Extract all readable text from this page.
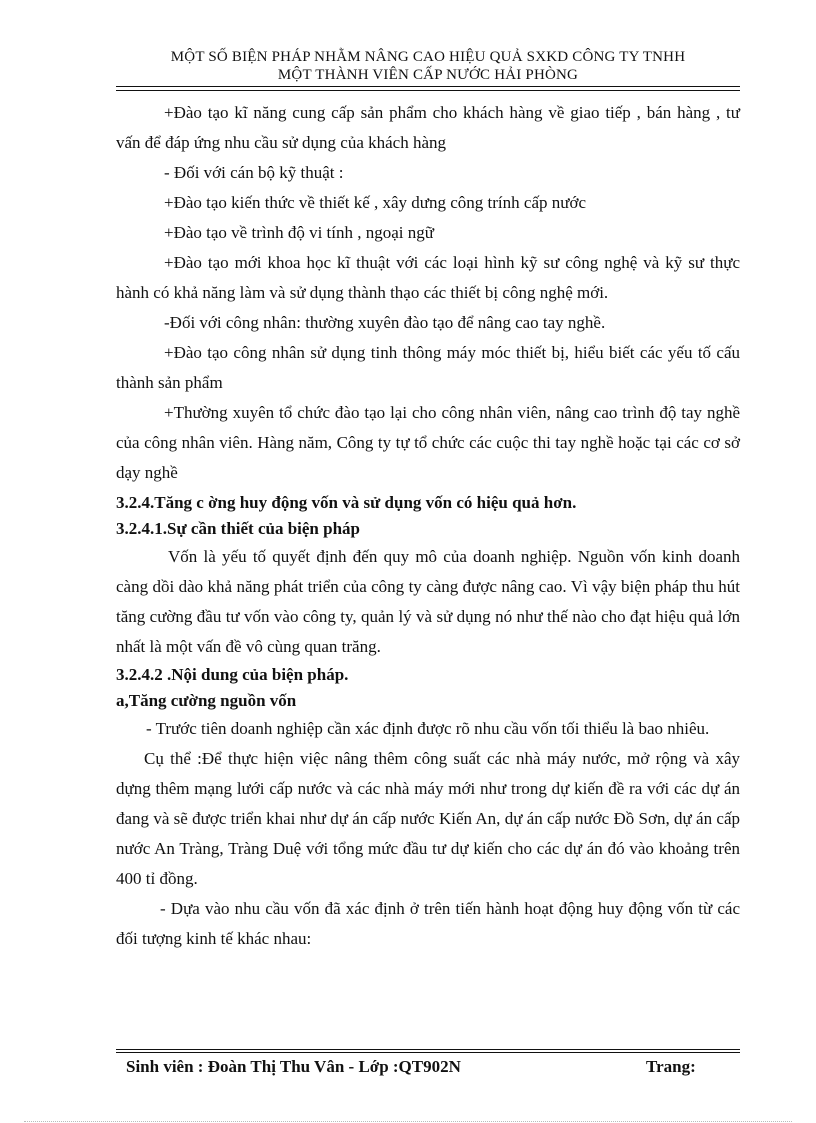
MỘT SỐ BIỆN PHÁP NHẰM NÂNG CAO HIỆU QUẢ SXKD CÔNG TY TNHH
MỘT THÀNH VIÊN CẤP NƯỚC HẢI PHÒNG

+Đào tạo kĩ năng cung cấp sản phẩm cho khách hàng về giao tiếp , bán hàng , tư vấn để đáp ứng nhu cầu sử dụng của khách hàng

- Đối với cán bộ kỹ thuật :

+Đào tạo kiến thức về thiết kế , xây dưng công trính cấp nước

+Đào tạo về trình độ vi tính , ngoại ngữ

+Đào tạo mới khoa học kĩ thuật với các loại hình kỹ sư công nghệ và kỹ sư thực hành có khả năng làm và sử dụng thành thạo các thiết bị công nghệ mới.

-Đối với công nhân: thường xuyên đào tạo để nâng cao tay nghề.

+Đào tạo công nhân sử dụng tinh thông máy móc thiết bị, hiểu biết các yếu tố cấu thành sản phẩm

+Thường xuyên tổ chức đào tạo lại cho công nhân viên, nâng cao trình độ tay nghề của công nhân viên. Hàng năm, Công ty tự tổ chức các cuộc thi tay nghề hoặc tại các cơ sở dạy nghề

3.2.4.Tăng c ờng huy động vốn và sử dụng vốn có hiệu quả hơn.

3.2.4.1.Sự cần thiết của biện pháp

Vốn là yếu tố quyết định đến quy mô của doanh nghiệp. Nguồn vốn kinh doanh càng dồi dào khả năng phát triển của công ty càng được nâng cao. Vì vậy biện pháp thu hút tăng cường đầu tư vốn vào công ty, quản lý và sử dụng nó như thế nào cho đạt hiệu quả lớn nhất là một vấn đề vô cùng quan trăng.

3.2.4.2 .Nội dung của biện pháp.

a,Tăng cường nguồn vốn

- Trước tiên doanh nghiệp cần xác định được rõ nhu cầu vốn tối thiểu là bao nhiêu.

Cụ thể :Để thực hiện việc nâng thêm công suất các nhà máy nước, mở rộng và xây dựng thêm mạng lưới cấp nước và các nhà máy mới như trong dự kiến đề ra với các dự án đang và sẽ được triển khai như dự án cấp nước Kiến An, dự án cấp nước Đồ Sơn, dự án cấp nước An Tràng, Tràng Duệ với tổng mức đầu tư dự kiến cho các dự án đó vào khoảng trên 400 tỉ đồng.

- Dựa vào nhu cầu vốn đã xác định ở trên tiến hành hoạt động huy động vốn từ các đối tượng kinh tế khác nhau:

Sinh viên : Đoàn Thị Thu Vân - Lớp :QT902N	Trang:
